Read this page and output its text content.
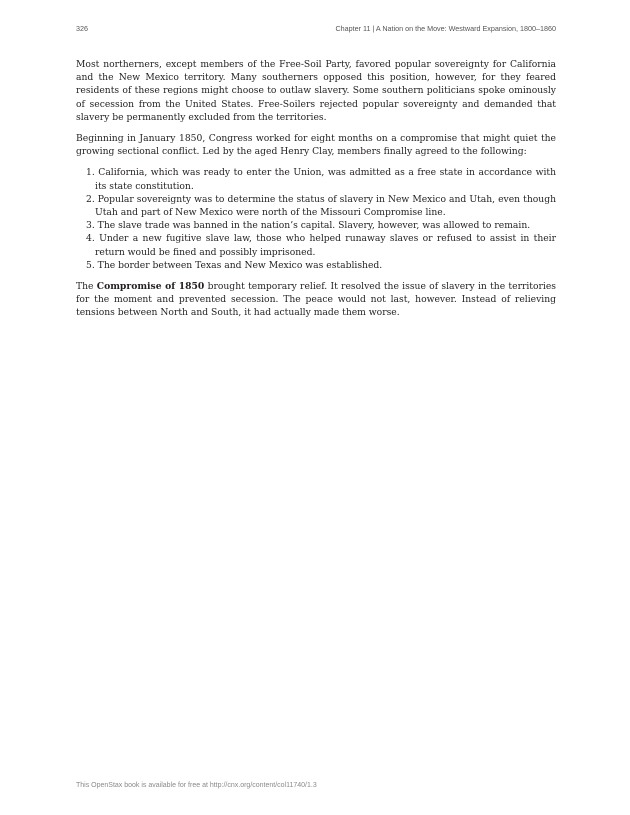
326	Chapter 11 | A Nation on the Move: Westward Expansion, 1800–1860

Most northerners, except members of the Free-Soil Party, favored popular sovereignty for California and the New Mexico territory. Many southerners opposed this position, however, for they feared residents of these regions might choose to outlaw slavery. Some southern politicians spoke ominously of secession from the United States. Free-Soilers rejected popular sovereignty and demanded that slavery be permanently excluded from the territories.

Beginning in January 1850, Congress worked for eight months on a compromise that might quiet the growing sectional conflict. Led by the aged Henry Clay, members finally agreed to the following:

1. California, which was ready to enter the Union, was admitted as a free state in accordance with its state constitution.
2. Popular sovereignty was to determine the status of slavery in New Mexico and Utah, even though Utah and part of New Mexico were north of the Missouri Compromise line.
3. The slave trade was banned in the nation’s capital. Slavery, however, was allowed to remain.
4. Under a new fugitive slave law, those who helped runaway slaves or refused to assist in their return would be fined and possibly imprisoned.
5. The border between Texas and New Mexico was established.

The Compromise of 1850 brought temporary relief. It resolved the issue of slavery in the territories for the moment and prevented secession. The peace would not last, however. Instead of relieving tensions between North and South, it had actually made them worse.

This OpenStax book is available for free at http://cnx.org/content/col11740/1.3
